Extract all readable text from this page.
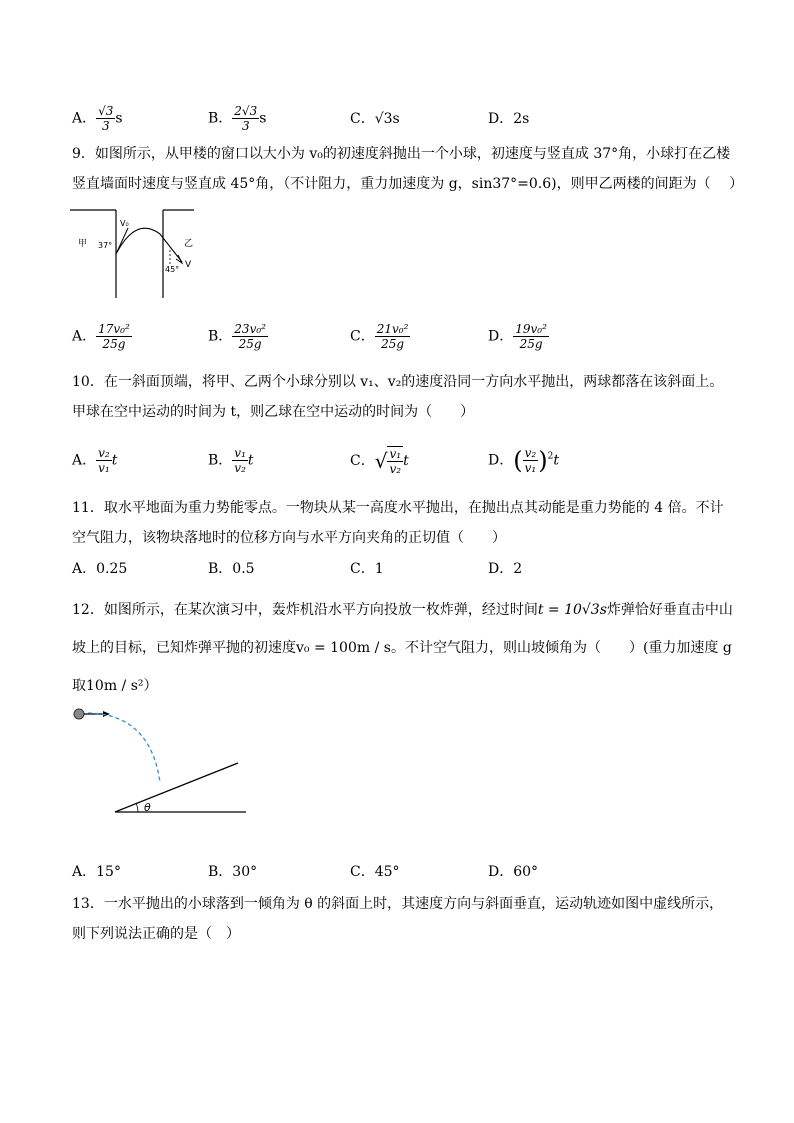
A． $\frac{√3}{3}$ s	B． $\frac{2√3}{3}$ s	C．√3s	D．2s
9．如图所示，从甲楼的窗口以大小为 v₀的初速度斜抛出一个小球，初速度与竖直成 37°角，小球打在乙楼
竖直墙面时速度与竖直成 45°角，（不计阻力，重力加速度为 g，sin37°=0.6)，则甲乙两楼的间距为（　 ）
甲	乙
V₀
37°
45° V
A． $\frac{\text{17v₀²}}{25g}$	B． $\frac{\text{23v₀²}}{25g}$	C． $\frac{\text{21v₀²}}{25g}$	D． $\frac{\text{19v₀²}}{25g}$
10．在一斜面顶端，将甲、乙两个小球分别以 v₁、v₂的速度沿同一方向水平抛出，两球都落在该斜面上。
甲球在空中运动的时间为 t，则乙球在空中运动的时间为（　　）
A． $\frac{\text{v₂}}{\text{v₁}}$ t	B． $\frac{\text{v₁}}{\text{v₂}}$ t	C．√ $\frac{\text{v₁}}{\text{v₂}}$ t	D．( $\frac{\text{v₂}}{\text{v₁}} )^2t$
11．取水平地面为重力势能零点。一物块从某一高度水平抛出，在抛出点其动能是重力势能的 4 倍。不计
空气阻力，该物块落地时的位移方向与水平方向夹角的正切值（　　）
A．0.25	B．0.5	C．1	D．2
12．如图所示，在某次演习中，轰炸机沿水平方向投放一枚炸弹，经过时间t = 10√3s炸弹恰好垂直击中山
坡上的目标，已知炸弹平抛的初速度v₀ = 100m / s。不计空气阻力，则山坡倾角为（　　）(重力加速度 g
取10m / s²）
θ
A．15°	B．30°	C．45°	D．60°
13．一水平抛出的小球落到一倾角为 θ 的斜面上时，其速度方向与斜面垂直，运动轨迹如图中虚线所示，
则下列说法正确的是（　）
